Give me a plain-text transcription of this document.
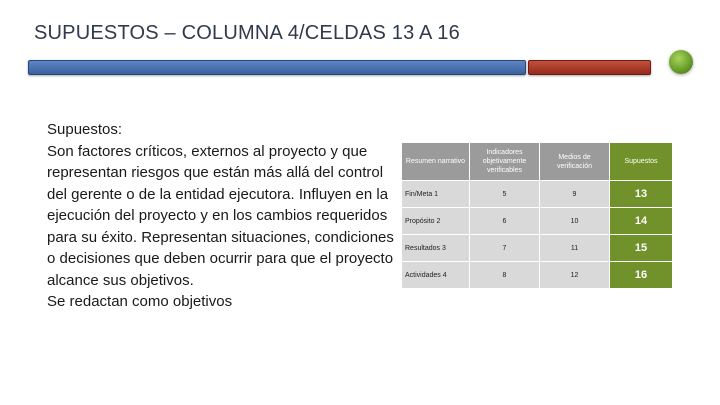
SUPUESTOS – COLUMNA 4/CELDAS 13 A 16
Supuestos:
Son factores críticos, externos al proyecto y que representan riesgos que están más allá del control del gerente o de la entidad ejecutora. Influyen en la ejecución del proyecto y en los cambios requeridos para su éxito. Representan situaciones, condiciones o decisiones que deben ocurrir para que el proyecto alcance sus objetivos.
Se redactan como objetivos
Resumen narrativo	Indicadores objetivamente verificables	Medios de verificación	Supuestos
Fin/Meta 1	5	9	13
Propósito 2	6	10	14
Resultados 3	7	11	15
Actividades 4	8	12	16
